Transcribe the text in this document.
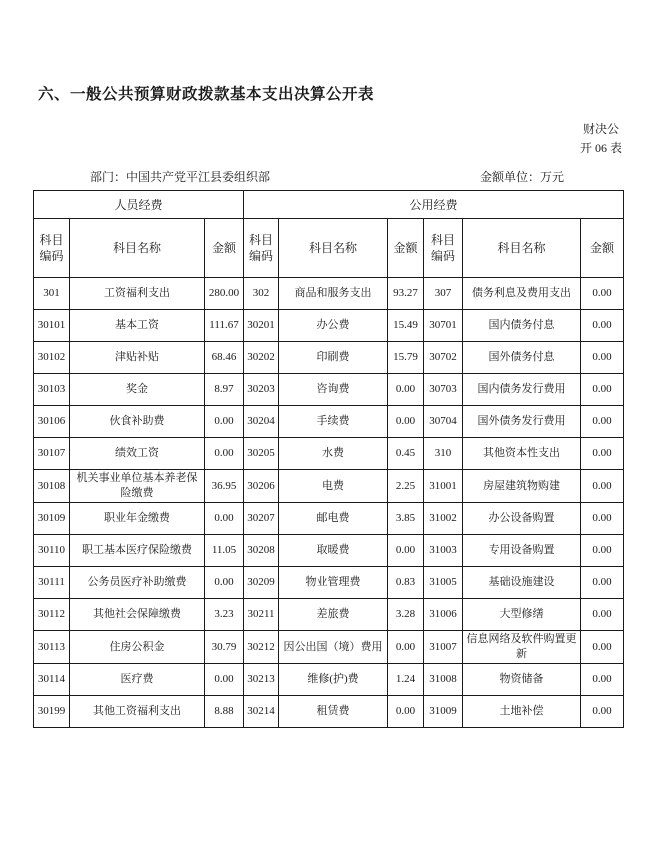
六、一般公共预算财政拨款基本支出决算公开表
财决公
开 06 表
部门：中国共产党平江县委组织部	金额单位：万元
人员经费			公用经费					
科目编码	科目名称	金额	科目编码	科目名称	金额	科目编码	科目名称	金额
301	工资福利支出	280.00	302	商品和服务支出	93.27	307	债务利息及费用支出	0.00
30101	基本工资	111.67	30201	办公费	15.49	30701	国内债务付息	0.00
30102	津贴补贴	68.46	30202	印刷费	15.79	30702	国外债务付息	0.00
30103	奖金	8.97	30203	咨询费	0.00	30703	国内债务发行费用	0.00
30106	伙食补助费	0.00	30204	手续费	0.00	30704	国外债务发行费用	0.00
30107	绩效工资	0.00	30205	水费	0.45	310	其他资本性支出	0.00
30108	机关事业单位基本养老保险缴费	36.95	30206	电费	2.25	31001	房屋建筑物购建	0.00
30109	职业年金缴费	0.00	30207	邮电费	3.85	31002	办公设备购置	0.00
30110	职工基本医疗保险缴费	11.05	30208	取暖费	0.00	31003	专用设备购置	0.00
30111	公务员医疗补助缴费	0.00	30209	物业管理费	0.83	31005	基础设施建设	0.00
30112	其他社会保障缴费	3.23	30211	差旅费	3.28	31006	大型修缮	0.00
30113	住房公积金	30.79	30212	因公出国（境）费用	0.00	31007	信息网络及软件购置更新	0.00
30114	医疗费	0.00	30213	维修(护)费	1.24	31008	物资储备	0.00
30199	其他工资福利支出	8.88	30214	租赁费	0.00	31009	土地补偿	0.00
